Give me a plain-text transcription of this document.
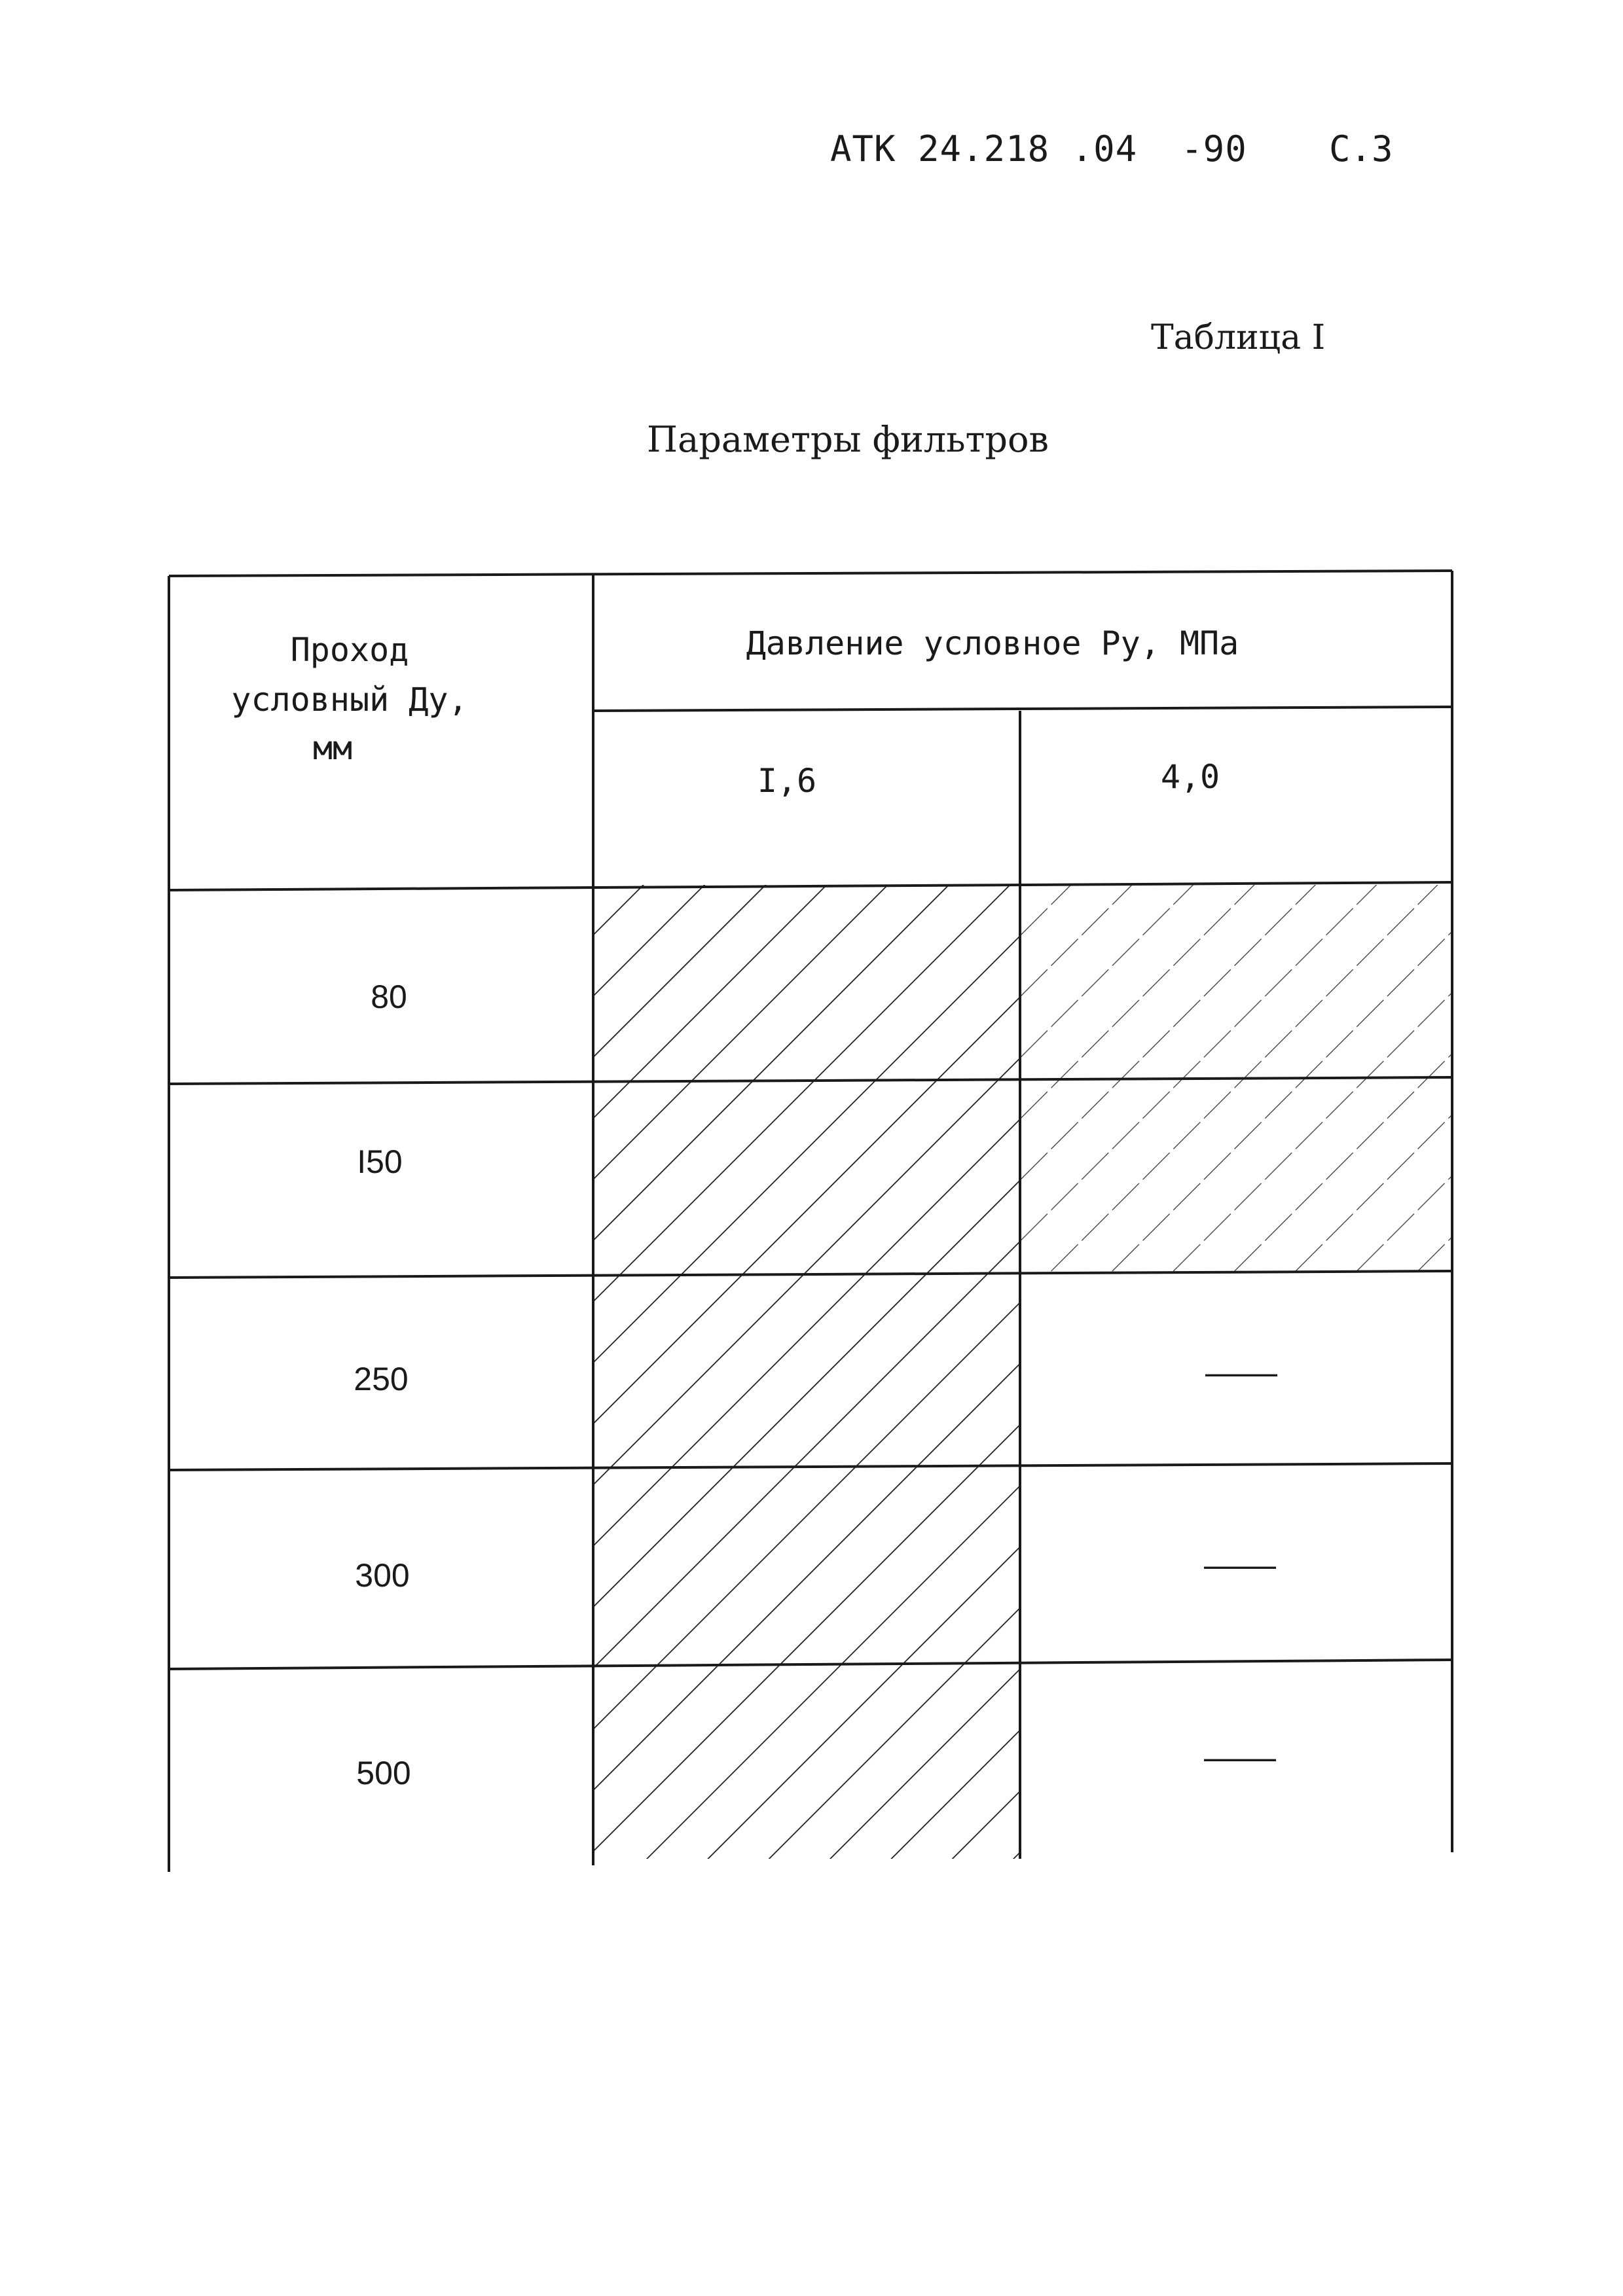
АТК 24.218 .04  -90 С.3
Таблица I
Параметры фильтров
Проход
условный Ду,
мм
Давление условное Ру, МПа
I,6	4,0
80
I50
250
300
500
—
—
—
